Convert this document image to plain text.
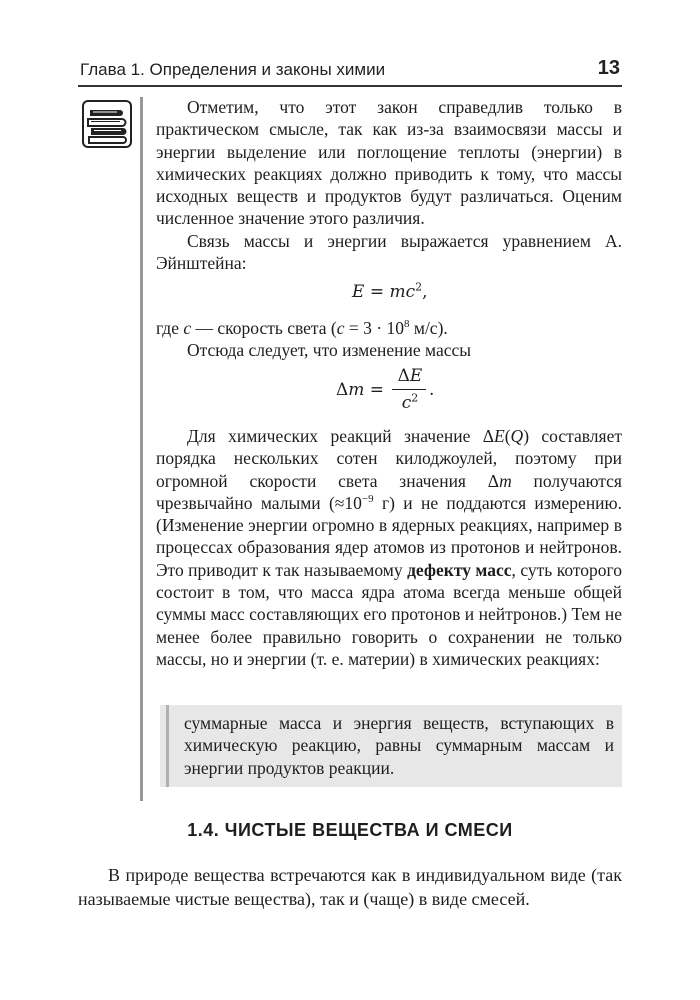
Глава 1. Определения и законы химии	13

Отметим, что этот закон справедлив только в практическом смысле, так как из-за взаимосвязи массы и энергии выделение или поглощение теплоты (энергии) в химических реакциях должно приводить к тому, что массы исходных веществ и продуктов будут различаться. Оценим численное значение этого различия.

Связь массы и энергии выражается уравнением А. Эйнштейна:

$E = mc^2$,

где c — скорость света ($c = 3 \cdot 10^8$ м/с).

Отсюда следует, что изменение массы

Δm =
ΔE
$c^2$ .

Для химических реакций значение ΔE(Q) составляет порядка нескольких сотен килоджоулей, поэтому при огромной скорости света значения Δm получаются чрезвычайно малыми ($\approx 10^{-9}$ г) и не поддаются измерению. (Изменение энергии огромно в ядерных реакциях, например в процессах образования ядер атомов из протонов и нейтронов. Это приводит к так называемому дефекту масс, суть которого состоит в том, что масса ядра атома всегда меньше общей суммы масс составляющих его протонов и нейтронов.) Тем не менее более правильно говорить о сохранении не только массы, но и энергии (т. е. материи) в химических реакциях:

суммарные масса и энергия веществ, вступающих в химическую реакцию, равны суммарным массам и энергии продуктов реакции.
1.4. ЧИСТЫЕ ВЕЩЕСТВА И СМЕСИ

В природе вещества встречаются как в индивидуальном виде (так называемые чистые вещества), так и (чаще) в виде смесей.
